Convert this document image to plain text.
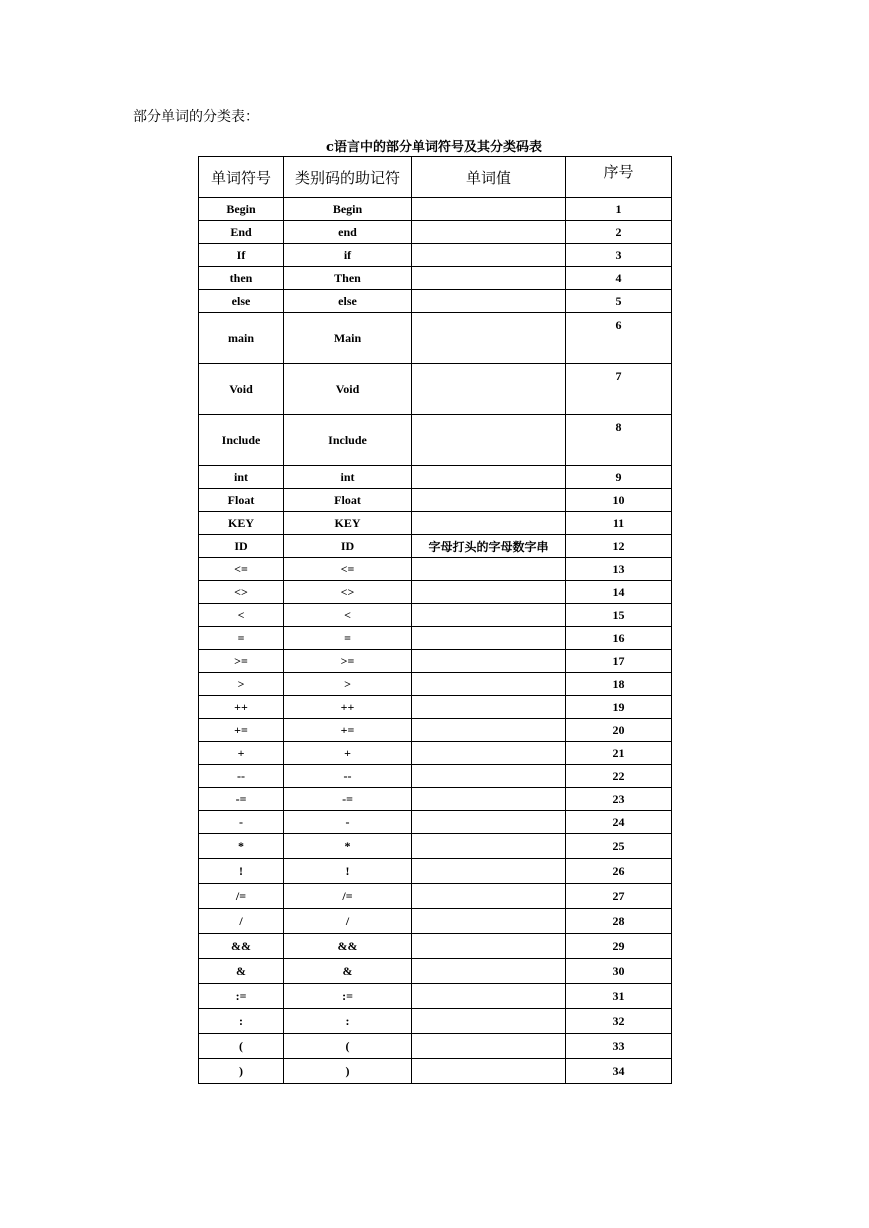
部分单词的分类表：
c语言中的部分单词符号及其分类码表
单词符号	类别码的助记符	单词值	序号
Begin	Begin		1
End	end		2
If	if		3
then	Then		4
else	else		5
main	Main		6
Void	Void		7
Include	Include		8
int	int		9
Float	Float		10
KEY	KEY		11
ID	ID	字母打头的字母数字串	12
<=	<=		13
<>	<>		14
<	<		15
=	=		16
>=	>=		17
>	>		18
++	++		19
+=	+=		20
+	+		21
--	--		22
-=	-=		23
-	-		24
*	*		25
!	!		26
/=	/=		27
/	/		28
&&	&&		29
&	&		30
:=	:=		31
:	:		32
(	(		33
)	)		34
